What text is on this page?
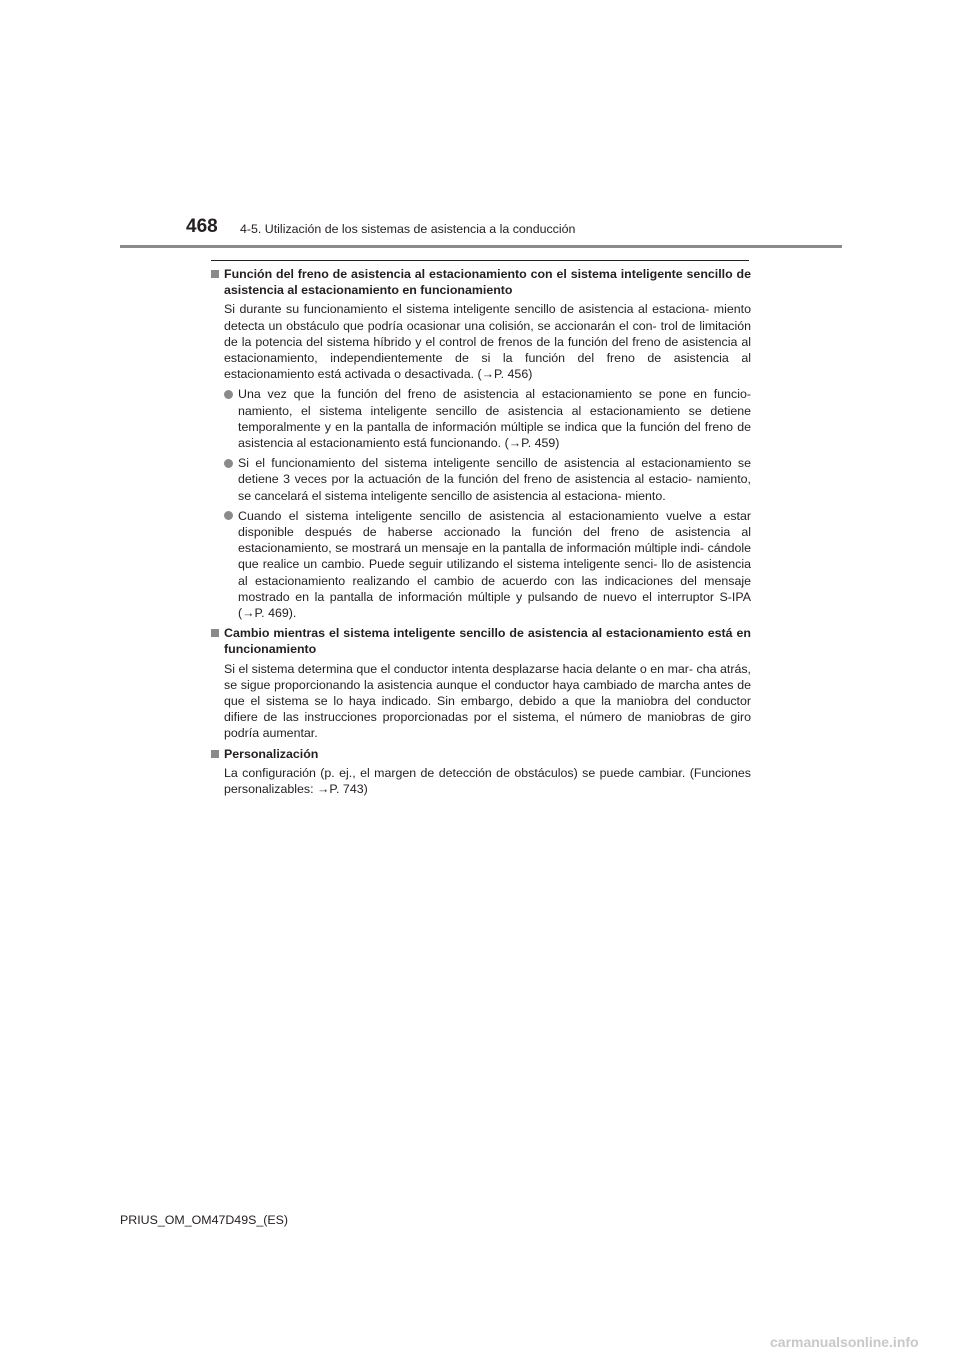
468 4-5. Utilización de los sistemas de asistencia a la conducción
Función del freno de asistencia al estacionamiento con el sistema inteligente sencillo de asistencia al estacionamiento en funcionamiento

Si durante su funcionamiento el sistema inteligente sencillo de asistencia al estaciona- miento detecta un obstáculo que podría ocasionar una colisión, se accionarán el con- trol de limitación de la potencia del sistema híbrido y el control de frenos de la función del freno de asistencia al estacionamiento, independientemente de si la función del freno de asistencia al estacionamiento está activada o desactivada. (→P. 456)

Una vez que la función del freno de asistencia al estacionamiento se pone en funcio- namiento, el sistema inteligente sencillo de asistencia al estacionamiento se detiene temporalmente y en la pantalla de información múltiple se indica que la función del freno de asistencia al estacionamiento está funcionando. (→P. 459)
Si el funcionamiento del sistema inteligente sencillo de asistencia al estacionamiento se detiene 3 veces por la actuación de la función del freno de asistencia al estacio- namiento, se cancelará el sistema inteligente sencillo de asistencia al estaciona- miento.
Cuando el sistema inteligente sencillo de asistencia al estacionamiento vuelve a estar disponible después de haberse accionado la función del freno de asistencia al estacionamiento, se mostrará un mensaje en la pantalla de información múltiple indi- cándole que realice un cambio. Puede seguir utilizando el sistema inteligente senci- llo de asistencia al estacionamiento realizando el cambio de acuerdo con las indicaciones del mensaje mostrado en la pantalla de información múltiple y pulsando de nuevo el interruptor S-IPA (→P. 469).
Cambio mientras el sistema inteligente sencillo de asistencia al estacionamiento está en funcionamiento

Si el sistema determina que el conductor intenta desplazarse hacia delante o en mar- cha atrás, se sigue proporcionando la asistencia aunque el conductor haya cambiado de marcha antes de que el sistema se lo haya indicado. Sin embargo, debido a que la maniobra del conductor difiere de las instrucciones proporcionadas por el sistema, el número de maniobras de giro podría aumentar.

Personalización

La configuración (p. ej., el margen de detección de obstáculos) se puede cambiar. (Funciones personalizables: →P. 743)

PRIUS_OM_OM47D49S_(ES)
carmanualsonline.info
